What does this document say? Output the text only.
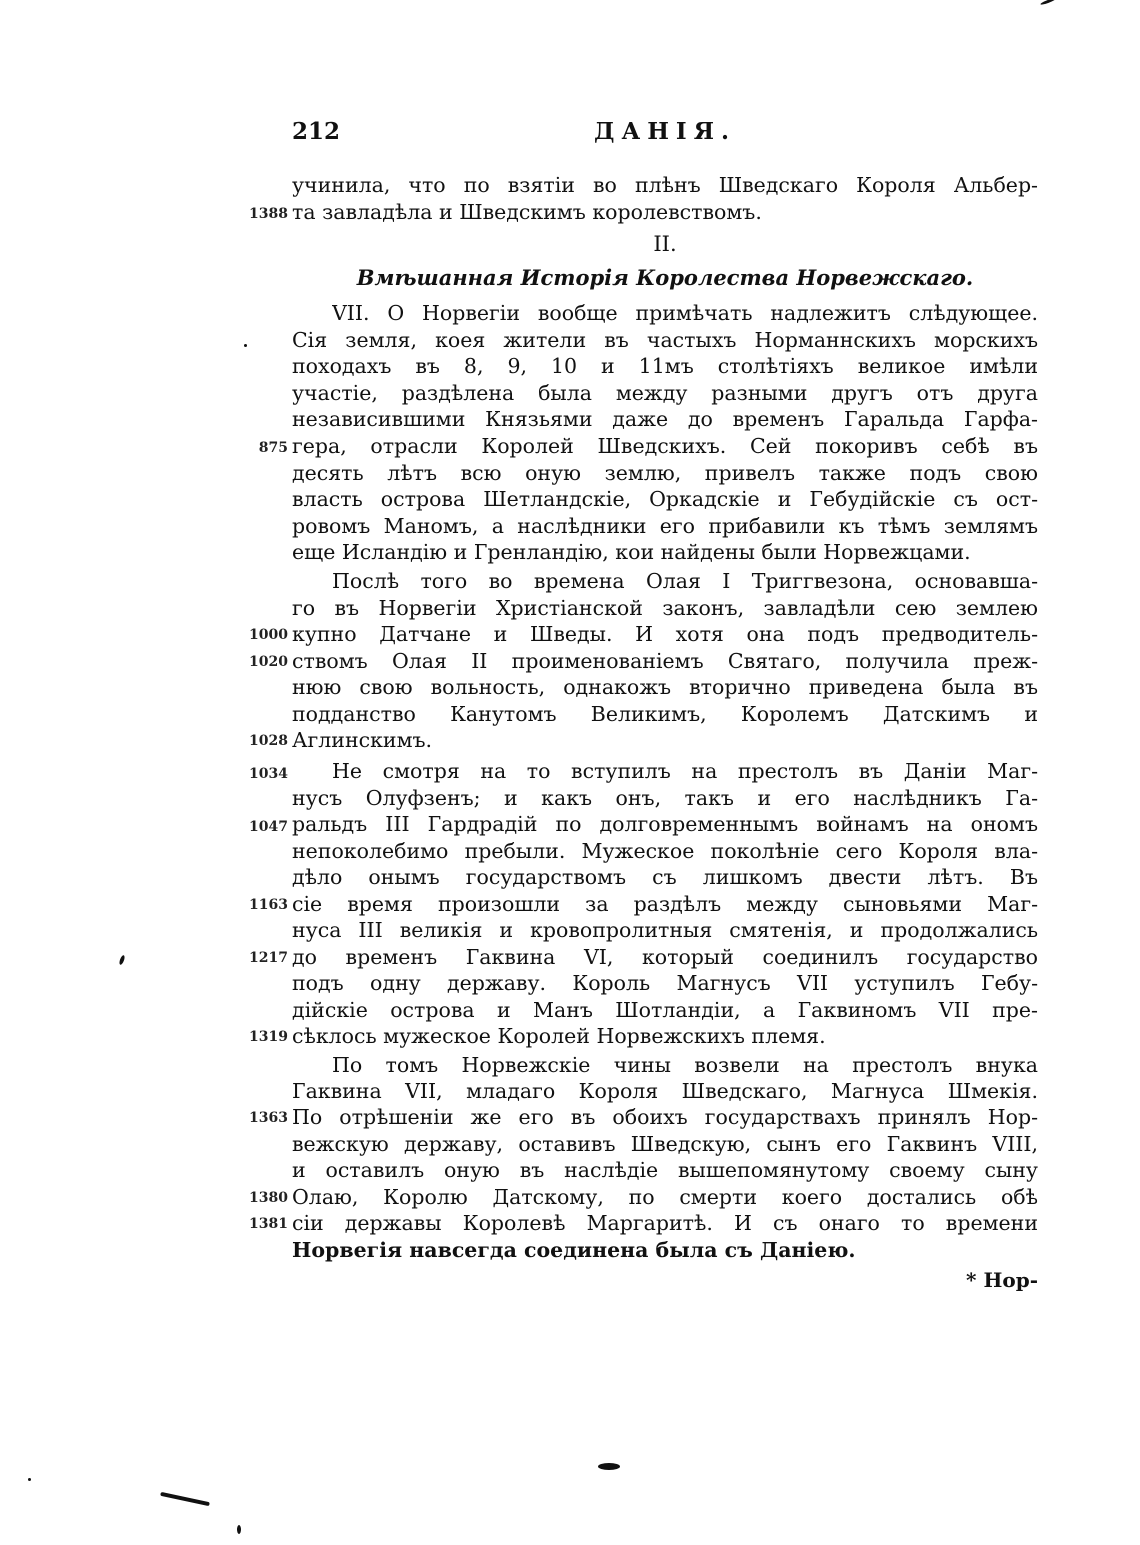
212	ДАНІЯ.
1388
875
1000
1020
1028
1034
1047
1163
1217
1319
1363
1380
1381
учинила, что по взятіи во плѣнъ Шведскаго Короля Альбер-
та завладѣла и Шведскимъ королевствомъ.
II.
Вмѣшанная Исторія Королества Норвежскаго.
VII. О Норвегіи вообще примѣчать надлежитъ слѣдующее.
Сія земля, коея жители въ частыхъ Норманнскихъ морскихъ
походахъ въ 8, 9, 10 и 11мъ столѣтіяхъ великое имѣли
участіе, раздѣлена была между разными другъ отъ друга
независившими Князьями даже до временъ Гаральда Гарфа-
гера, отрасли Королей Шведскихъ. Сей покоривъ себѣ въ
десять лѣтъ всю оную землю, привелъ также подъ свою
власть острова Шетландскіе, Оркадскіе и Гебудійскіе съ ост-
ровомъ Маномъ, а наслѣдники его прибавили къ тѣмъ землямъ
еще Исландію и Гренландію, кои найдены были Норвежцами.
Послѣ того во времена Олая I Триггвезона, основавша-
го въ Норвегіи Христіанской законъ, завладѣли сею землею
купно Датчане и Шведы. И хотя она подъ предводитель-
ствомъ Олая II проименованіемъ Святаго, получила преж-
нюю свою вольность, однакожъ вторично приведена была въ
подданство Канутомъ Великимъ, Королемъ Датскимъ и
Аглинскимъ.
Не смотря на то вступилъ на престолъ въ Даніи Маг-
нусъ Олуфзенъ; и какъ онъ, такъ и его наслѣдникъ Га-
ральдъ III Гардрадій по долговременнымъ войнамъ на ономъ
непоколебимо пребыли. Мужеское поколѣніе сего Короля вла-
дѣло онымъ государствомъ съ лишкомъ двести лѣтъ. Въ
сіе время произошли за раздѣлъ между сыновьями Маг-
нуса III великія и кровопролитныя смятенія, и продолжались
до временъ Гаквина VI, который соединилъ государство
подъ одну державу. Король Магнусъ VII уступилъ Гебу-
дійскіе острова и Манъ Шотландіи, а Гаквиномъ VII пре-
сѣклось мужеское Королей Норвежскихъ племя.
По томъ Норвежскіе чины возвели на престолъ внука
Гаквина VII, младаго Короля Шведскаго, Магнуса Шмекія.
По отрѣшеніи же его въ обоихъ государствахъ принялъ Нор-
вежскую державу, оставивъ Шведскую, сынъ его Гаквинъ VIII,
и оставилъ оную въ наслѣдіе вышепомянутому своему сыну
Олаю, Королю Датскому, по смерти коего достались обѣ
сіи державы Королевѣ Маргаритѣ. И съ онаго то времени
Норвегія навсегда соединена была съ Даніею.
* Нор-
